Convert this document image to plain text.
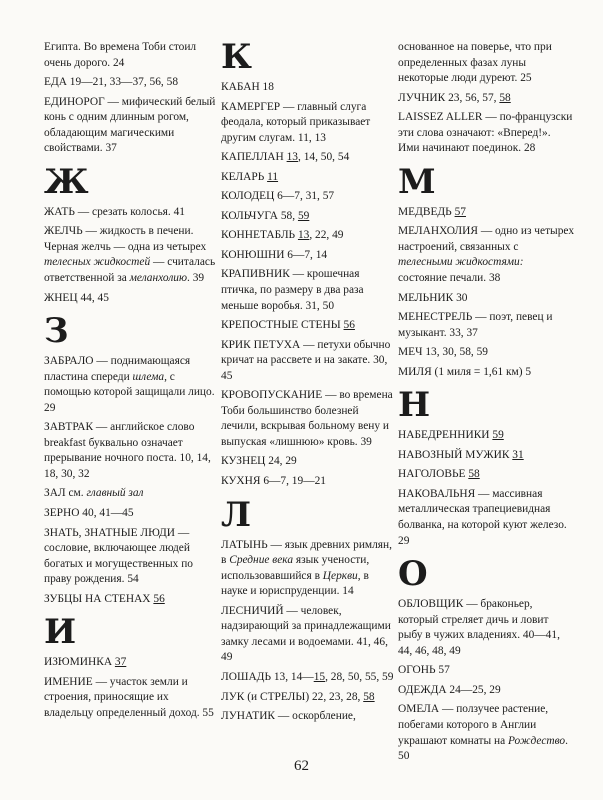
Египта. Во времена Тоби стоил очень дорого. 24
ЕДА 19—21, 33—37, 56, 58
ЕДИНОРОГ — мифический белый конь с одним длинным рогом, обладающим магическими свойствами. 37
Ж
ЖАТЬ — срезать колосья. 41
ЖЕЛЧЬ — жидкость в печени. Черная желчь — одна из четырех телесных жидкостей — считалась ответственной за меланхолию. 39
ЖНЕЦ 44, 45
З
ЗАБРАЛО — поднимающаяся пластина спереди шлема, с помощью которой защищали лицо. 29
ЗАВТРАК — английское слово breakfast буквально означает прерывание ночного поста. 10, 14, 18, 30, 32
ЗАЛ см. главный зал
ЗЕРНО 40, 41—45
ЗНАТЬ, ЗНАТНЫЕ ЛЮДИ — сословие, включающее людей богатых и могущественных по праву рождения. 54
ЗУБЦЫ НА СТЕНАХ 56
И
ИЗЮМИНКА 37
ИМЕНИЕ — участок земли и строения, приносящие их владельцу определенный доход. 55
К
КАБАН 18
КАМЕРГЕР — главный слуга феодала, который приказывает другим слугам. 11, 13
КАПЕЛЛАН 13, 14, 50, 54
КЕЛАРЬ 11
КОЛОДЕЦ 6—7, 31, 57
КОЛЬЧУГА 58, 59
КОННЕТАБЛЬ 13, 22, 49
КОНЮШНИ 6—7, 14
КРАПИВНИК — крошечная птичка, по размеру в два раза меньше воробья. 31, 50
КРЕПОСТНЫЕ СТЕНЫ 56
КРИК ПЕТУХА — петухи обычно кричат на рассвете и на закате. 30, 45
КРОВОПУСКАНИЕ — во времена Тоби большинство болезней лечили, вскрывая больному вену и выпуская «лишнюю» кровь. 39
КУЗНЕЦ 24, 29
КУХНЯ 6—7, 19—21
Л
ЛАТЫНЬ — язык древних римлян, в Средние века язык учености, использовавшийся в Церкви, в науке и юриспруденции. 14
ЛЕСНИЧИЙ — человек, надзирающий за принадлежащими замку лесами и водоемами. 41, 46, 49
ЛОШАДЬ 13, 14—15, 28, 50, 55, 59
ЛУК (и СТРЕЛЫ) 22, 23, 28, 58
ЛУНАТИК — оскорбление,
основанное на поверье, что при определенных фазах луны некоторые люди дуреют. 25
ЛУЧНИК 23, 56, 57, 58
LAISSEZ ALLER — по-французски эти слова означают: «Вперед!». Ими начинают поединок. 28
М
МЕДВЕДЬ 57
МЕЛАНХОЛИЯ — одно из четырех настроений, связанных с телесными жидкостями: состояние печали. 38
МЕЛЬНИК 30
МЕНЕСТРЕЛЬ — поэт, певец и музыкант. 33, 37
МЕЧ 13, 30, 58, 59
МИЛЯ (1 миля = 1,61 км) 5
Н
НАБЕДРЕННИКИ 59
НАВОЗНЫЙ МУЖИК 31
НАГОЛОВЬЕ 58
НАКОВАЛЬНЯ — массивная металлическая трапециевидная болванка, на которой куют железо. 29
О
ОБЛОВЩИК — браконьер, который стреляет дичь и ловит рыбу в чужих владениях. 40—41, 44, 46, 48, 49
ОГОНЬ 57
ОДЕЖДА 24—25, 29
ОМЕЛА — ползучее растение, побегами которого в Англии украшают комнаты на Рождество. 50
62
